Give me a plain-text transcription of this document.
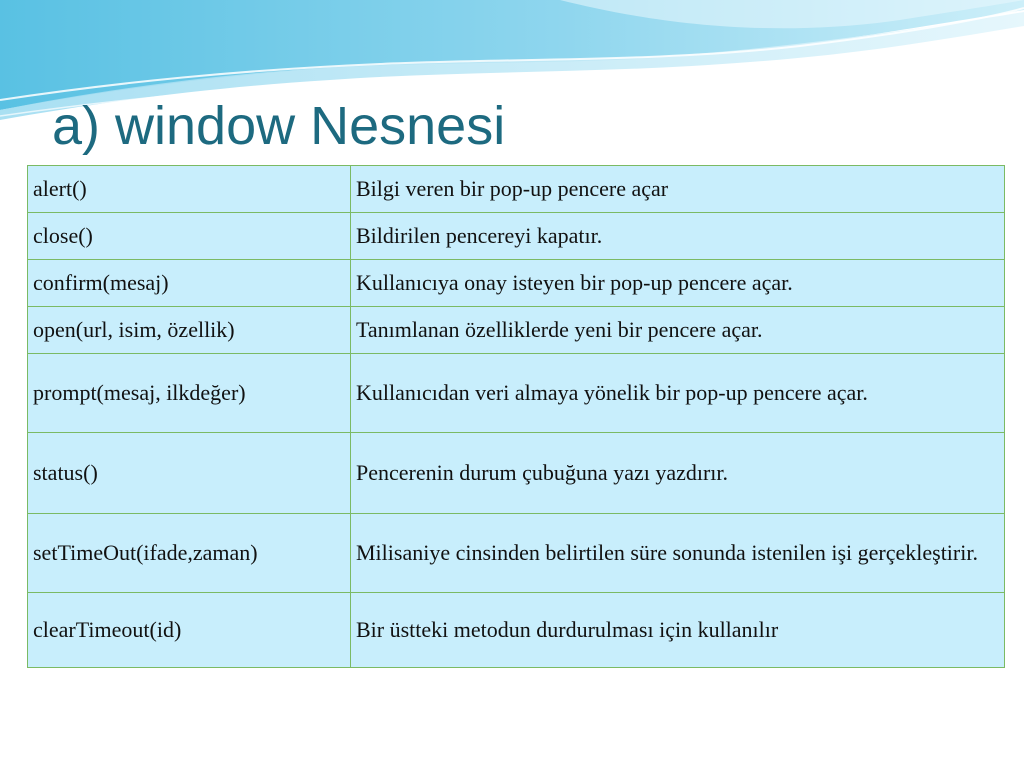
a) window Nesnesi
alert()	Bilgi veren bir pop-up pencere açar
close()	Bildirilen pencereyi kapatır.
confirm(mesaj)	Kullanıcıya onay isteyen bir pop-up pencere açar.
open(url, isim, özellik)	Tanımlanan özelliklerde yeni bir pencere açar.
prompt(mesaj, ilkdeğer)	Kullanıcıdan veri almaya yönelik bir pop-up pencere açar.
status()	Pencerenin durum çubuğuna yazı yazdırır.
setTimeOut(ifade,zaman)	Milisaniye cinsinden belirtilen süre sonunda istenilen işi gerçekleştirir.
clearTimeout(id)	Bir üstteki metodun durdurulması için kullanılır
